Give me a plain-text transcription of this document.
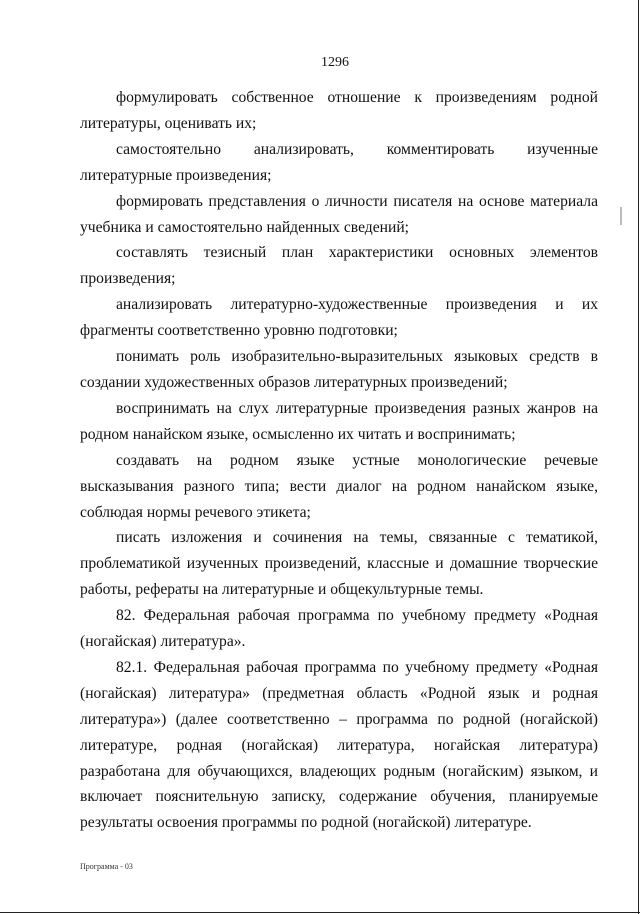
1296

формулировать собственное отношение к произведениям родной литературы, оценивать их;

самостоятельно анализировать, комментировать изученные литературные произведения;

формировать представления о личности писателя на основе материала учебника и самостоятельно найденных сведений;

составлять тезисный план характеристики основных элементов произведения;

анализировать литературно-художественные произведения и их фрагменты соответственно уровню подготовки;

понимать роль изобразительно-выразительных языковых средств в создании художественных образов литературных произведений;

воспринимать на слух литературные произведения разных жанров на родном нанайском языке, осмысленно их читать и воспринимать;

создавать на родном языке устные монологические речевые высказывания разного типа; вести диалог на родном нанайском языке, соблюдая нормы речевого этикета;

писать изложения и сочинения на темы, связанные с тематикой, проблематикой изученных произведений, классные и домашние творческие работы, рефераты на литературные и общекультурные темы.

82. Федеральная рабочая программа по учебному предмету «Родная (ногайская) литература».

82.1. Федеральная рабочая программа по учебному предмету «Родная (ногайская) литература» (предметная область «Родной язык и родная литература») (далее соответственно – программа по родной (ногайской) литературе, родная (ногайская) литература, ногайская литература) разработана для обучающихся, владеющих родным (ногайским) языком, и включает пояснительную записку, содержание обучения, планируемые результаты освоения программы по родной (ногайской) литературе.

Программа - 03
